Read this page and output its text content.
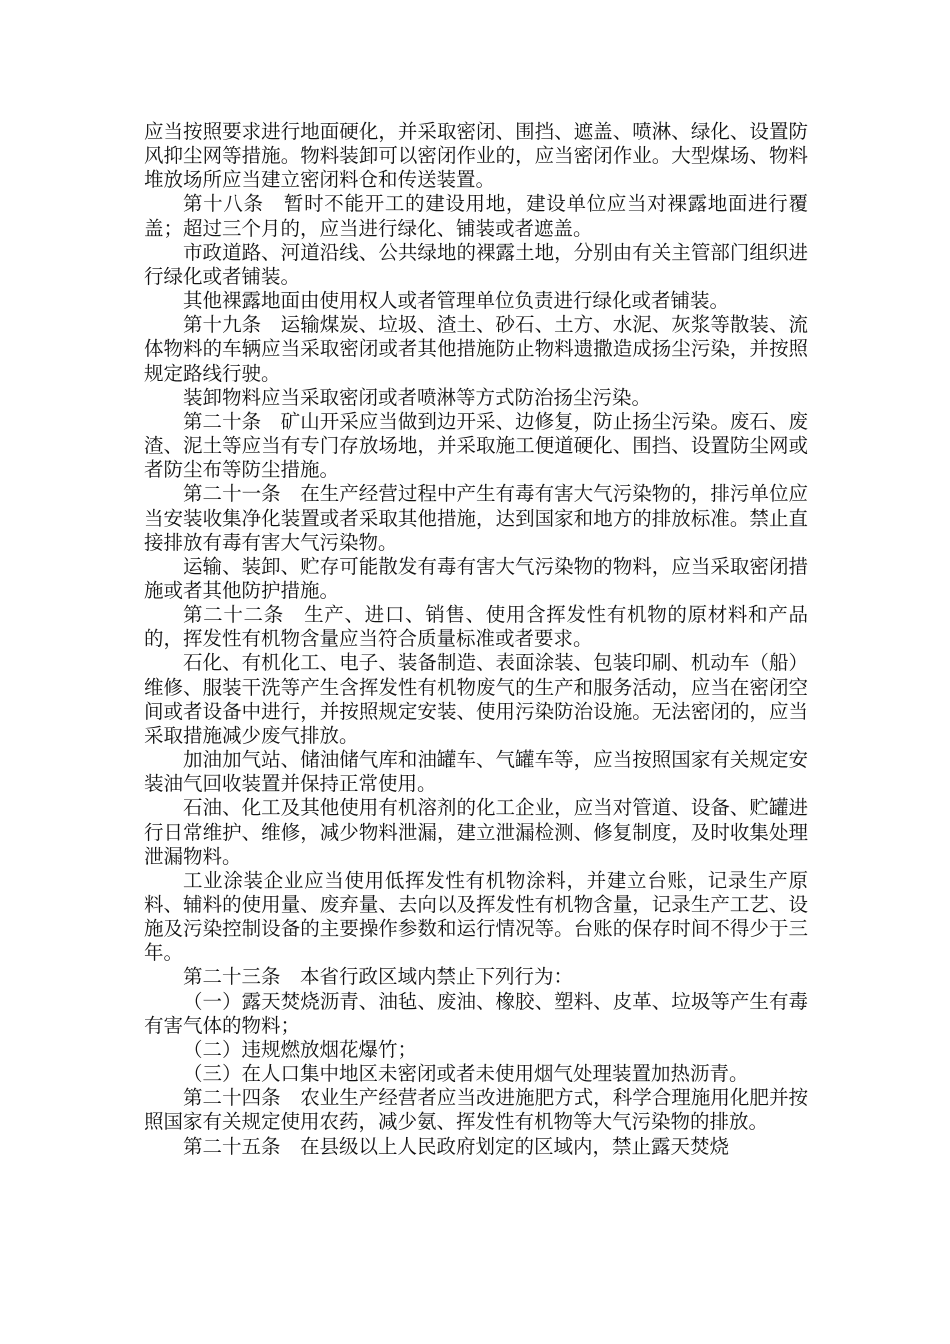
应当按照要求进行地面硬化，并采取密闭、围挡、遮盖、喷淋、绿化、设置防风抑尘网等措施。物料装卸可以密闭作业的，应当密闭作业。大型煤场、物料堆放场所应当建立密闭料仓和传送装置。

第十八条　暂时不能开工的建设用地，建设单位应当对裸露地面进行覆盖；超过三个月的，应当进行绿化、铺装或者遮盖。

市政道路、河道沿线、公共绿地的裸露土地，分别由有关主管部门组织进行绿化或者铺装。

其他裸露地面由使用权人或者管理单位负责进行绿化或者铺装。

第十九条　运输煤炭、垃圾、渣土、砂石、土方、水泥、灰浆等散装、流体物料的车辆应当采取密闭或者其他措施防止物料遗撒造成扬尘污染，并按照规定路线行驶。

装卸物料应当采取密闭或者喷淋等方式防治扬尘污染。

第二十条　矿山开采应当做到边开采、边修复，防止扬尘污染。废石、废渣、泥土等应当有专门存放场地，并采取施工便道硬化、围挡、设置防尘网或者防尘布等防尘措施。

第二十一条　在生产经营过程中产生有毒有害大气污染物的，排污单位应当安装收集净化装置或者采取其他措施，达到国家和地方的排放标准。禁止直接排放有毒有害大气污染物。

运输、装卸、贮存可能散发有毒有害大气污染物的物料，应当采取密闭措施或者其他防护措施。

第二十二条　生产、进口、销售、使用含挥发性有机物的原材料和产品的，挥发性有机物含量应当符合质量标准或者要求。

石化、有机化工、电子、装备制造、表面涂装、包装印刷、机动车（船）维修、服装干洗等产生含挥发性有机物废气的生产和服务活动，应当在密闭空间或者设备中进行，并按照规定安装、使用污染防治设施。无法密闭的，应当采取措施减少废气排放。

加油加气站、储油储气库和油罐车、气罐车等，应当按照国家有关规定安装油气回收装置并保持正常使用。

石油、化工及其他使用有机溶剂的化工企业，应当对管道、设备、贮罐进行日常维护、维修，减少物料泄漏，建立泄漏检测、修复制度，及时收集处理泄漏物料。

工业涂装企业应当使用低挥发性有机物涂料，并建立台账，记录生产原料、辅料的使用量、废弃量、去向以及挥发性有机物含量，记录生产工艺、设施及污染控制设备的主要操作参数和运行情况等。台账的保存时间不得少于三年。

第二十三条　本省行政区域内禁止下列行为：

（一）露天焚烧沥青、油毡、废油、橡胶、塑料、皮革、垃圾等产生有毒有害气体的物料；

（二）违规燃放烟花爆竹；

（三）在人口集中地区未密闭或者未使用烟气处理装置加热沥青。

第二十四条　农业生产经营者应当改进施肥方式，科学合理施用化肥并按照国家有关规定使用农药，减少氨、挥发性有机物等大气污染物的排放。

第二十五条　在县级以上人民政府划定的区域内，禁止露天焚烧
